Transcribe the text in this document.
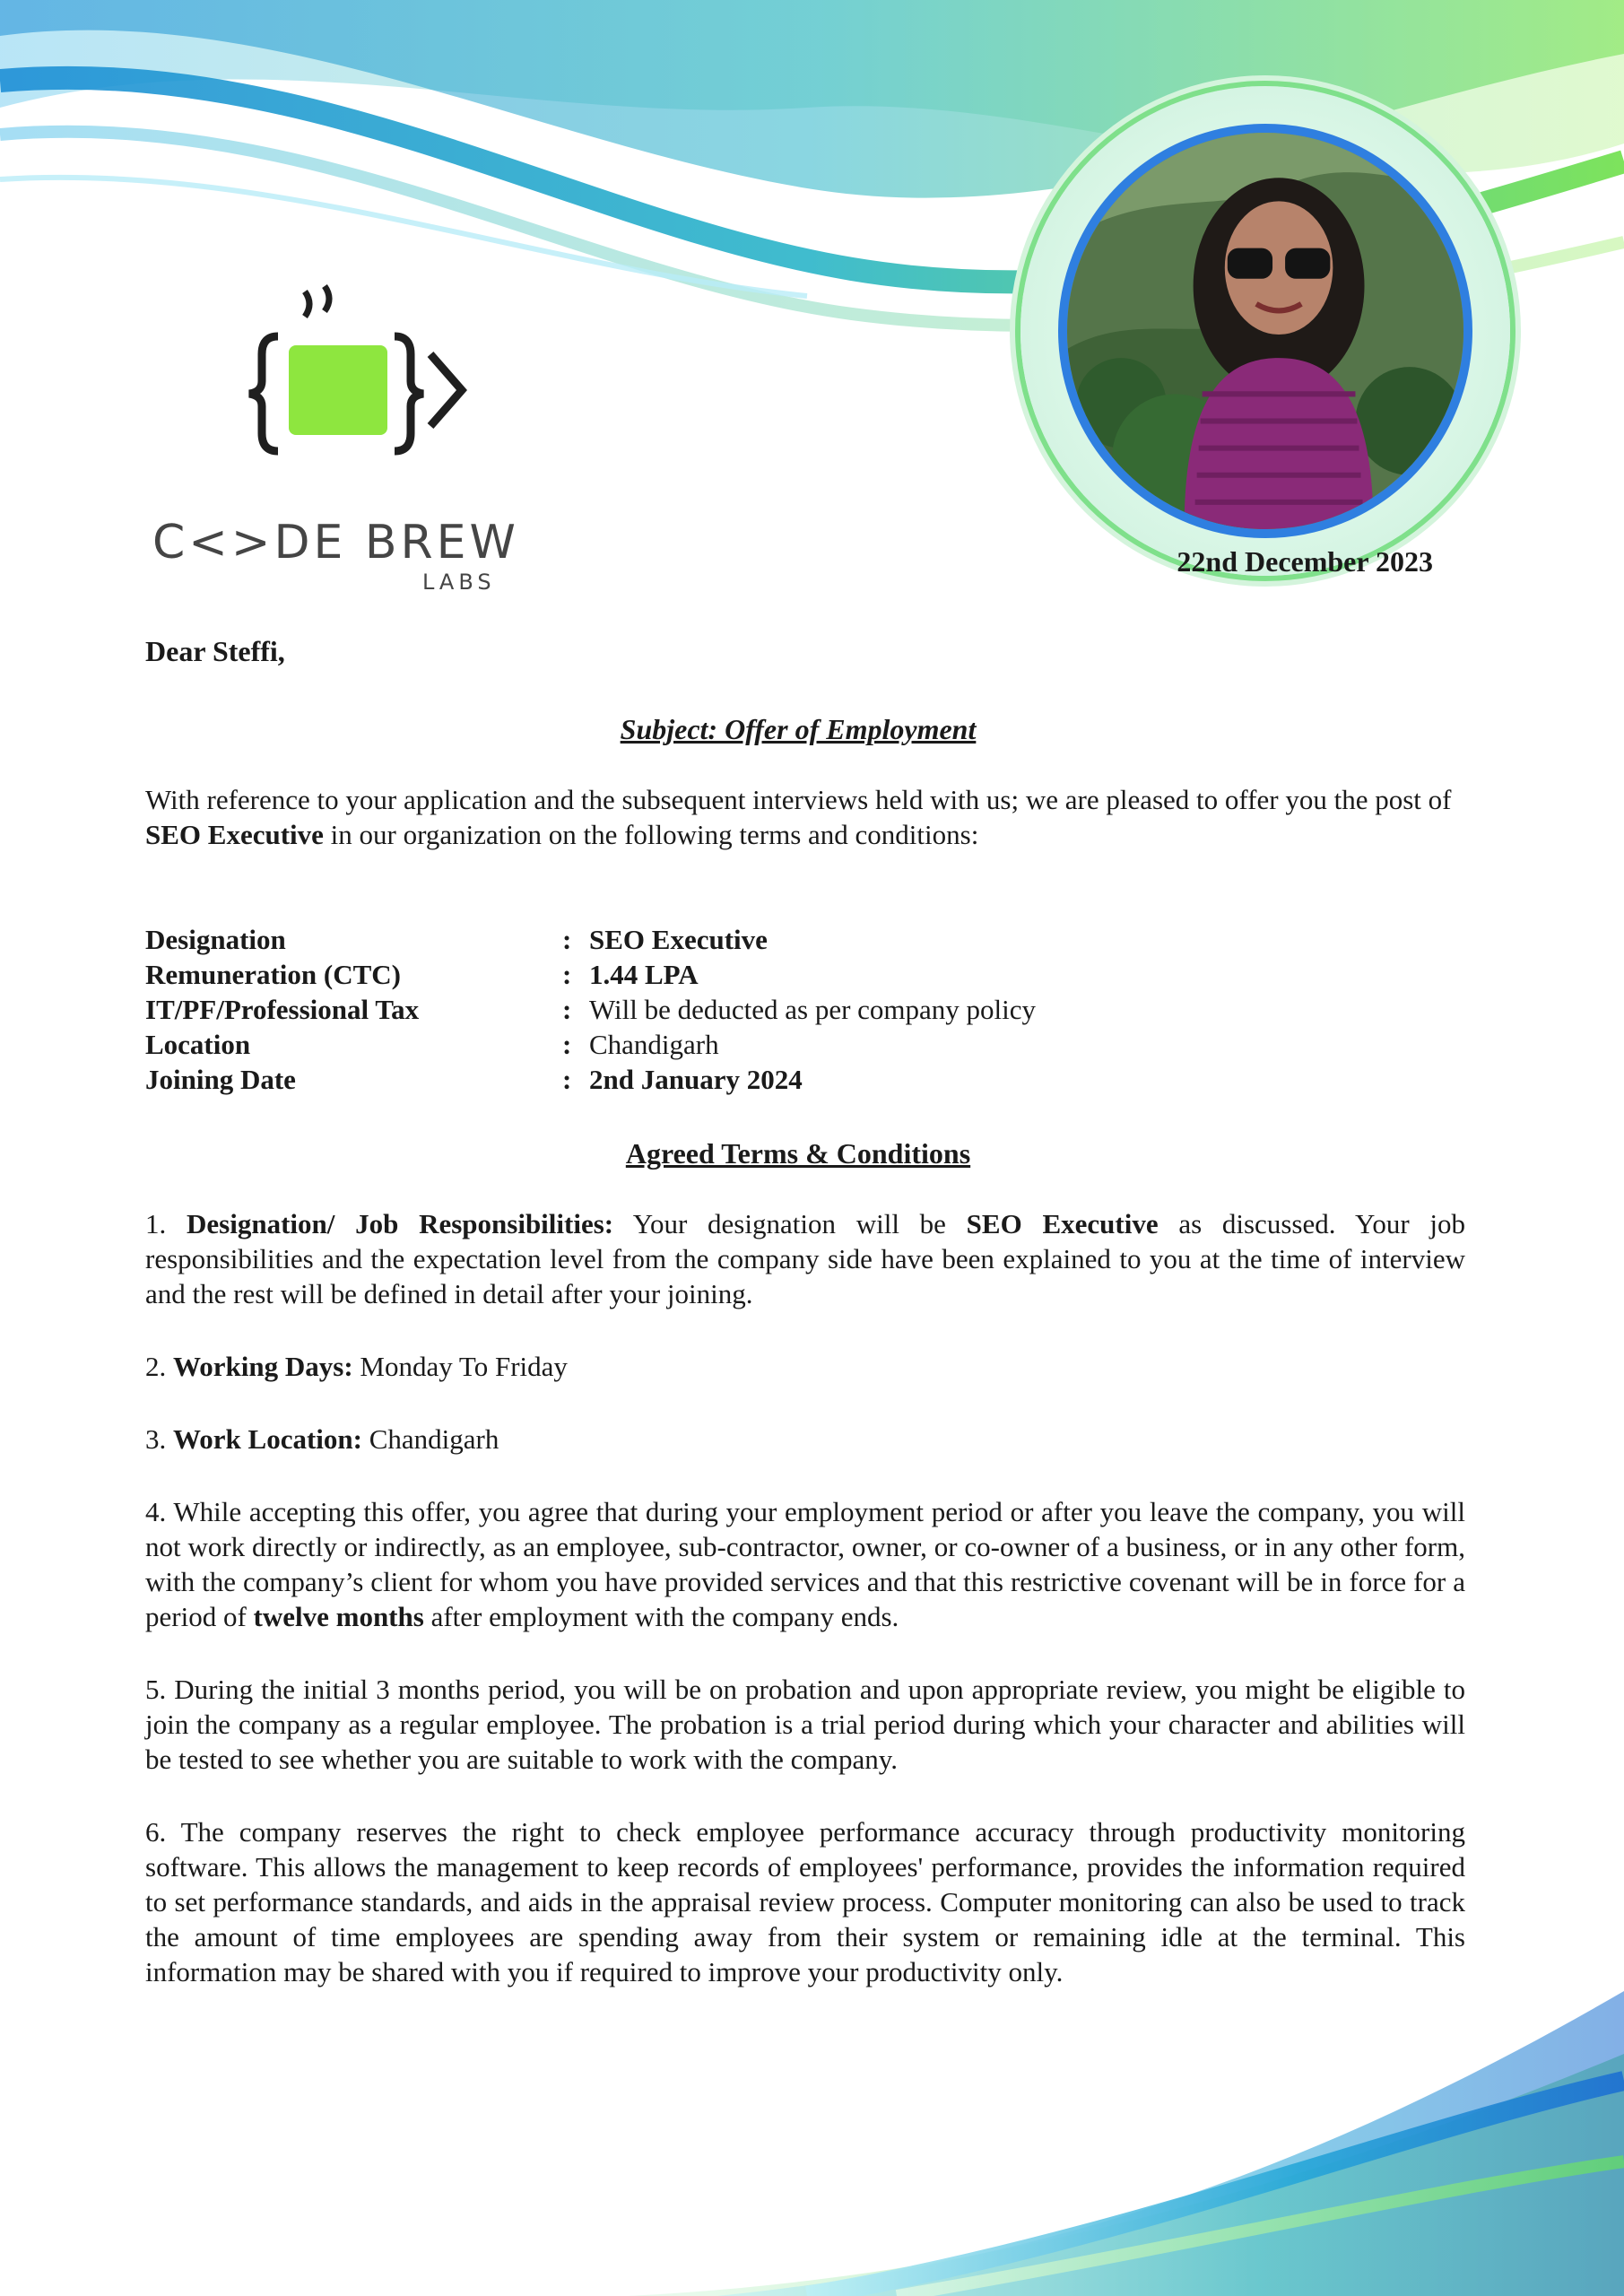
C<>DE BREW
LABS
22nd December 2023
Dear Steffi,
Subject: Offer of Employment
With reference to your application and the subsequent interviews held with us; we are pleased to offer you the post of SEO Executive in our organization on the following terms and conditions:
Designation	: SEO Executive
Remuneration (CTC)	: 1.44 LPA
IT/PF/Professional Tax	: Will be deducted as per company policy
Location	: Chandigarh
Joining Date	: 2nd January 2024
Agreed Terms & Conditions

1. Designation/ Job Responsibilities: Your designation will be SEO Executive as discussed. Your job responsibilities and the expectation level from the company side have been explained to you at the time of interview and the rest will be defined in detail after your joining.

2. Working Days: Monday To Friday

3. Work Location: Chandigarh

4. While accepting this offer, you agree that during your employment period or after you leave the company, you will not work directly or indirectly, as an employee, sub-contractor, owner, or co-owner of a business, or in any other form, with the company’s client for whom you have provided services and that this restrictive covenant will be in force for a period of twelve months after employment with the company ends.

5. During the initial 3 months period, you will be on probation and upon appropriate review, you might be eligible to join the company as a regular employee. The probation is a trial period during which your character and abilities will be tested to see whether you are suitable to work with the company.

6. The company reserves the right to check employee performance accuracy through productivity monitoring software. This allows the management to keep records of employees' performance, provides the information required to set performance standards, and aids in the appraisal review process. Computer monitoring can also be used to track the amount of time employees are spending away from their system or remaining idle at the terminal. This information may be shared with you if required to improve your productivity only.
